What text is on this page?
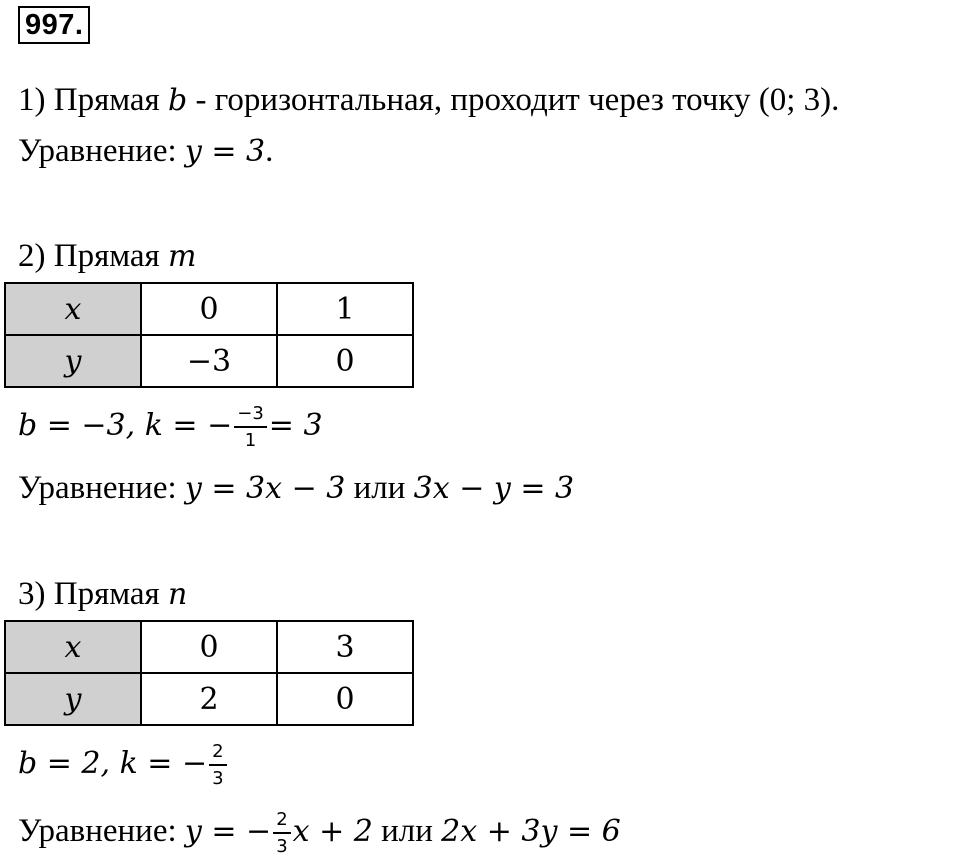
997.
1) Прямая b - горизонтальная, проходит через точку (0; 3).
Уравнение: y = 3.
2) Прямая m
x	0	1
y	−3	0
b = −3, k = − $\frac{-3}{1} = 3$
Уравнение: y = 3x − 3 или 3x − y = 3
3) Прямая n
x	0	3
y	2	0
b = 2, k = − $\frac{2}{3}$
Уравнение: y = − $\frac{2}{3}$ x + 2 или 2x + 3y = 6
